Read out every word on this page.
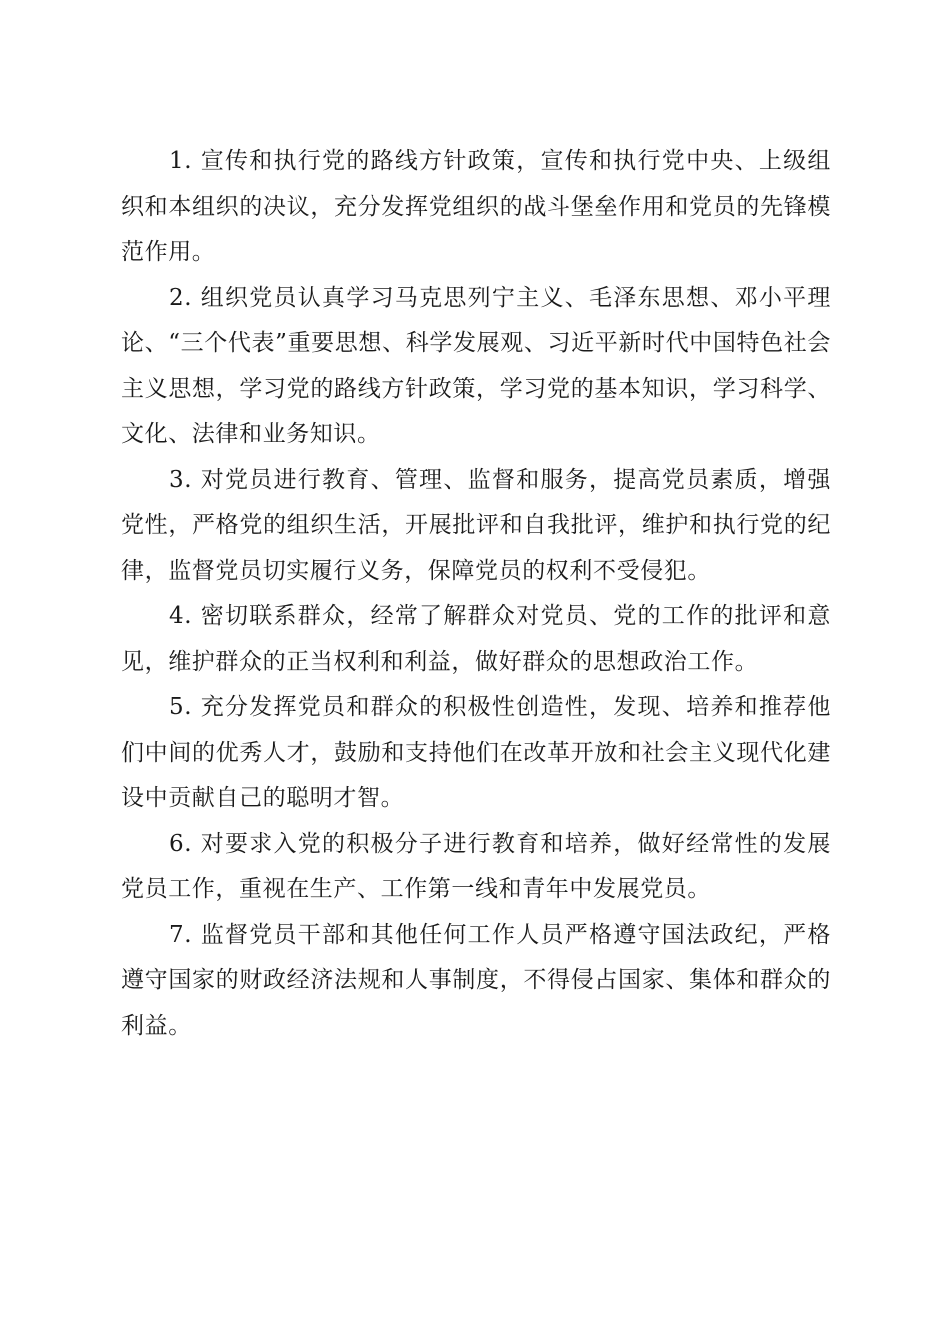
1. 宣传和执行党的路线方针政策，宣传和执行党中央、上级组织和本组织的决议，充分发挥党组织的战斗堡垒作用和党员的先锋模范作用。

2. 组织党员认真学习马克思列宁主义、毛泽东思想、邓小平理论、“三个代表”重要思想、科学发展观、习近平新时代中国特色社会主义思想，学习党的路线方针政策，学习党的基本知识，学习科学、文化、法律和业务知识。

3. 对党员进行教育、管理、监督和服务，提高党员素质，增强党性，严格党的组织生活，开展批评和自我批评，维护和执行党的纪律，监督党员切实履行义务，保障党员的权利不受侵犯。

4. 密切联系群众，经常了解群众对党员、党的工作的批评和意见，维护群众的正当权利和利益，做好群众的思想政治工作。

5. 充分发挥党员和群众的积极性创造性，发现、培养和推荐他们中间的优秀人才，鼓励和支持他们在改革开放和社会主义现代化建设中贡献自己的聪明才智。

6. 对要求入党的积极分子进行教育和培养，做好经常性的发展党员工作，重视在生产、工作第一线和青年中发展党员。

7. 监督党员干部和其他任何工作人员严格遵守国法政纪，严格遵守国家的财政经济法规和人事制度，不得侵占国家、集体和群众的利益。
